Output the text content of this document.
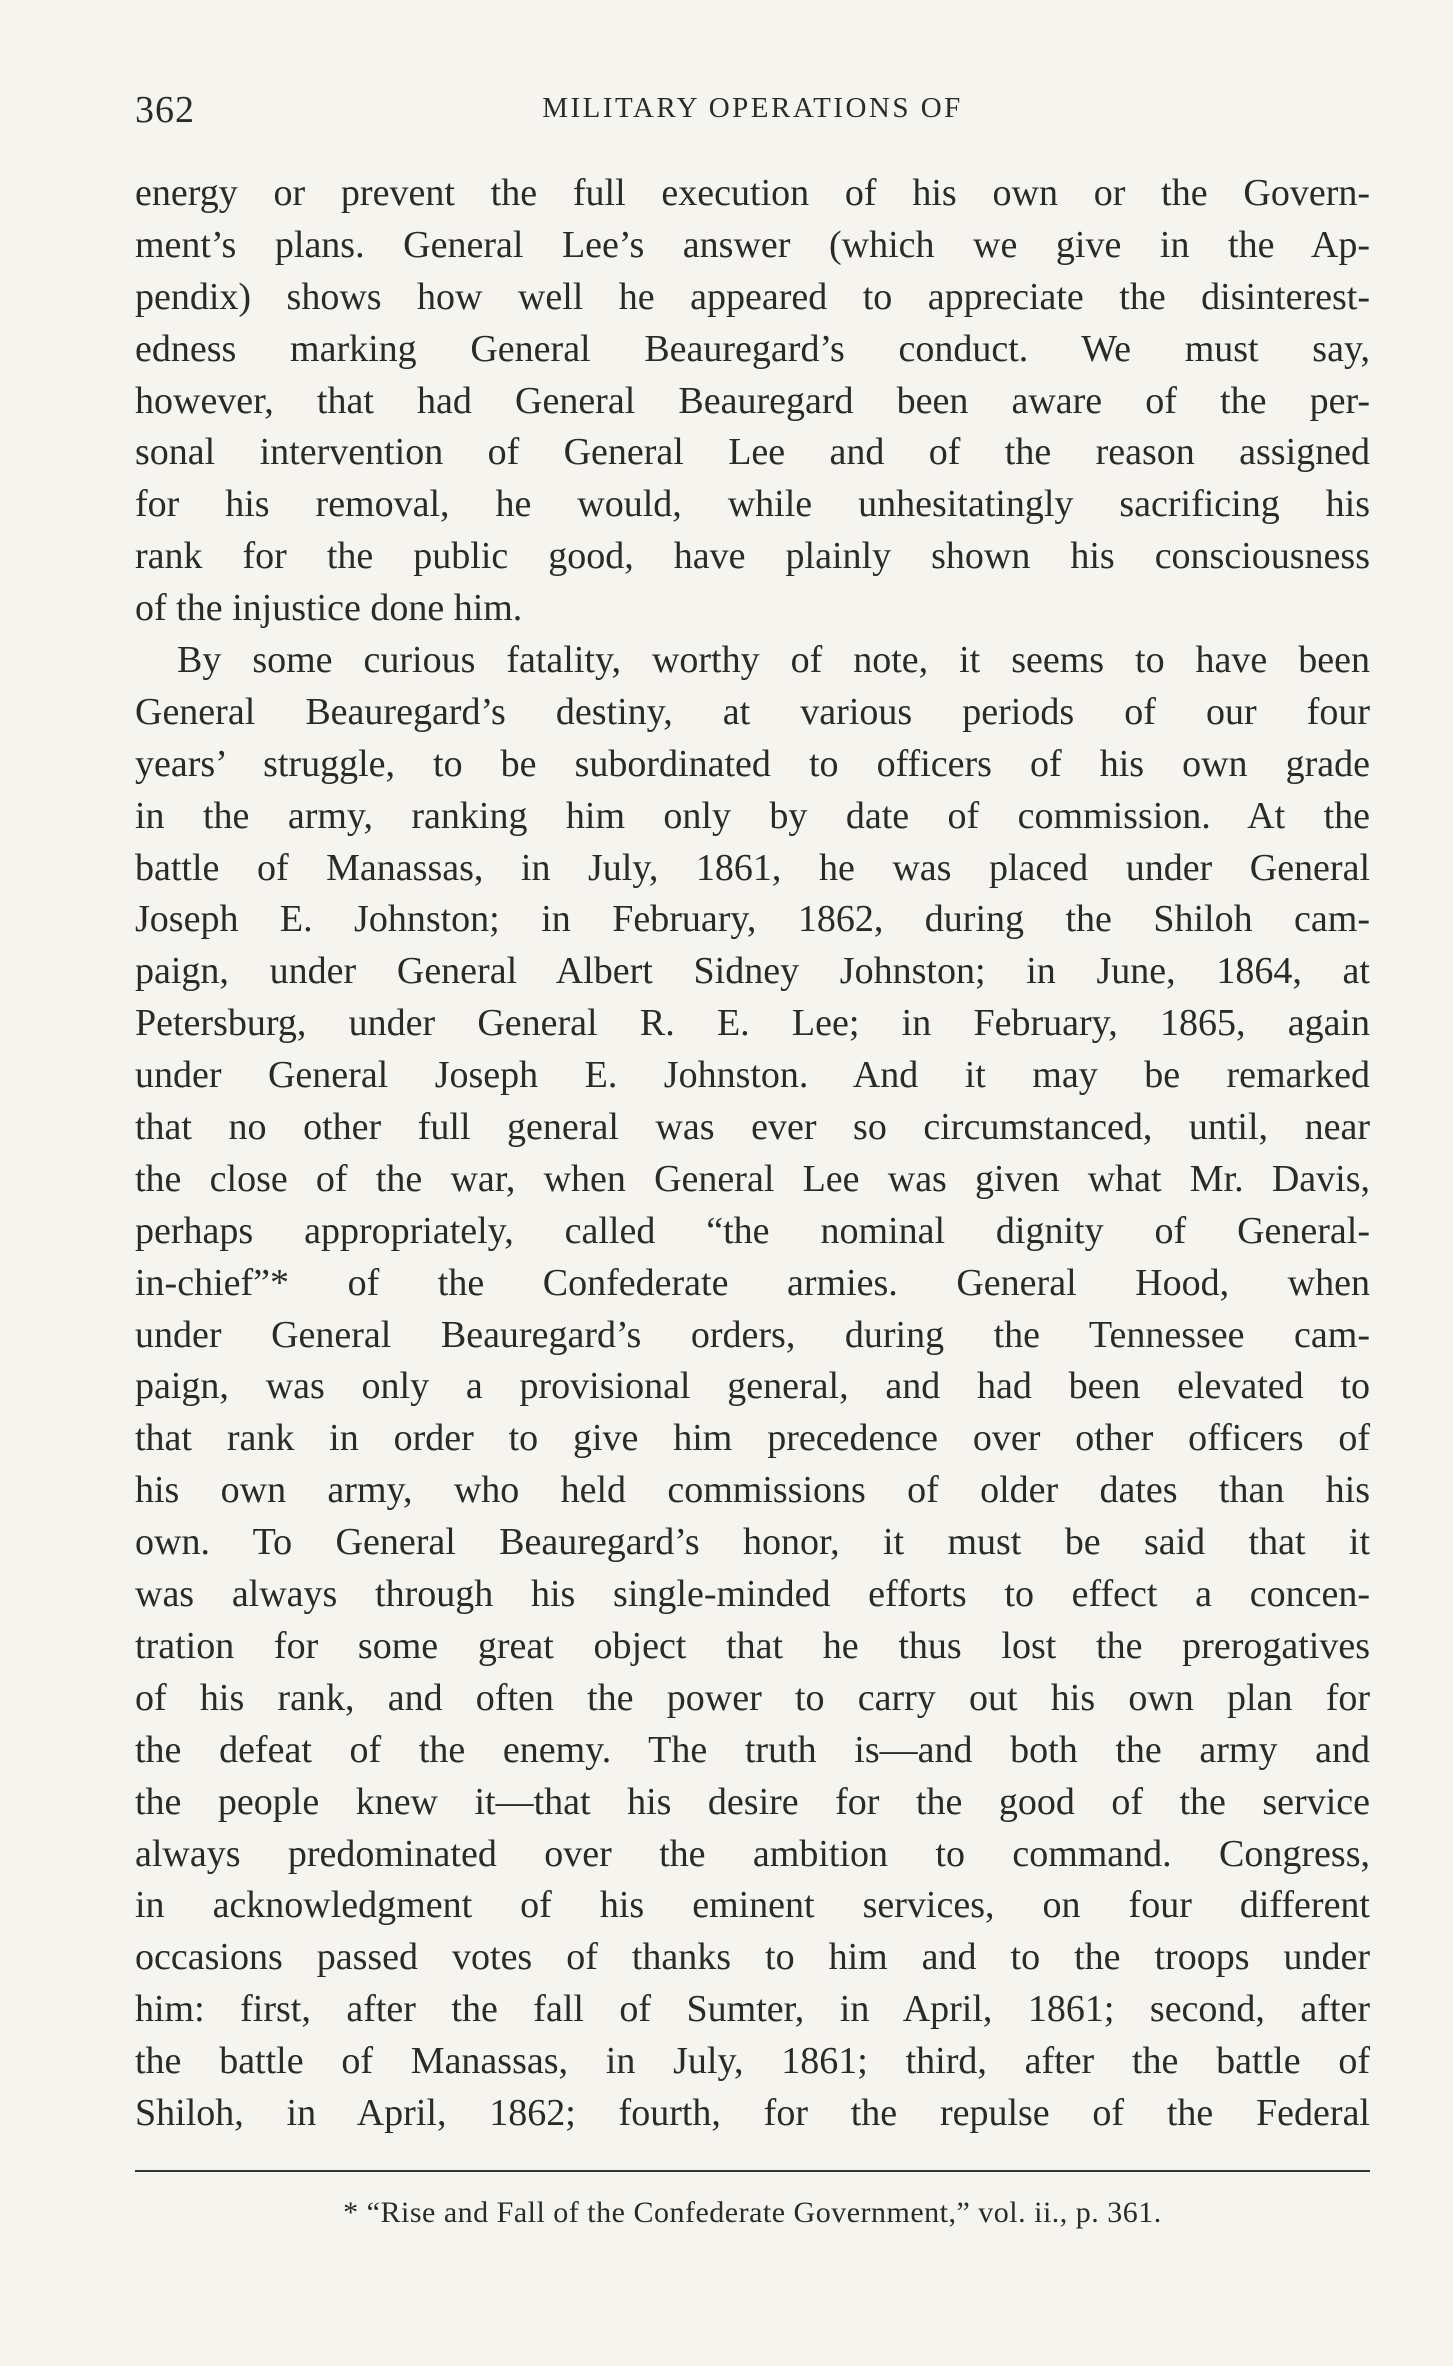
362	MILITARY OPERATIONS OF
energy or prevent the full execution of his own or the Govern-
ment’s plans. General Lee’s answer (which we give in the Ap-
pendix) shows how well he appeared to appreciate the disinterest-
edness marking General Beauregard’s conduct. We must say,
however, that had General Beauregard been aware of the per-
sonal intervention of General Lee and of the reason assigned
for his removal, he would, while unhesitatingly sacrificing his
rank for the public good, have plainly shown his consciousness
of the injustice done him.
By some curious fatality, worthy of note, it seems to have been
General Beauregard’s destiny, at various periods of our four
years’ struggle, to be subordinated to officers of his own grade
in the army, ranking him only by date of commission. At the
battle of Manassas, in July, 1861, he was placed under General
Joseph E. Johnston; in February, 1862, during the Shiloh cam-
paign, under General Albert Sidney Johnston; in June, 1864, at
Petersburg, under General R. E. Lee; in February, 1865, again
under General Joseph E. Johnston. And it may be remarked
that no other full general was ever so circumstanced, until, near
the close of the war, when General Lee was given what Mr. Davis,
perhaps appropriately, called “the nominal dignity of General-
in-chief”* of the Confederate armies. General Hood, when
under General Beauregard’s orders, during the Tennessee cam-
paign, was only a provisional general, and had been elevated to
that rank in order to give him precedence over other officers of
his own army, who held commissions of older dates than his
own. To General Beauregard’s honor, it must be said that it
was always through his single-minded efforts to effect a concen-
tration for some great object that he thus lost the prerogatives
of his rank, and often the power to carry out his own plan for
the defeat of the enemy. The truth is—and both the army and
the people knew it—that his desire for the good of the service
always predominated over the ambition to command. Congress,
in acknowledgment of his eminent services, on four different
occasions passed votes of thanks to him and to the troops under
him: first, after the fall of Sumter, in April, 1861; second, after
the battle of Manassas, in July, 1861; third, after the battle of
Shiloh, in April, 1862; fourth, for the repulse of the Federal
* “Rise and Fall of the Confederate Government,” vol. ii., p. 361.
